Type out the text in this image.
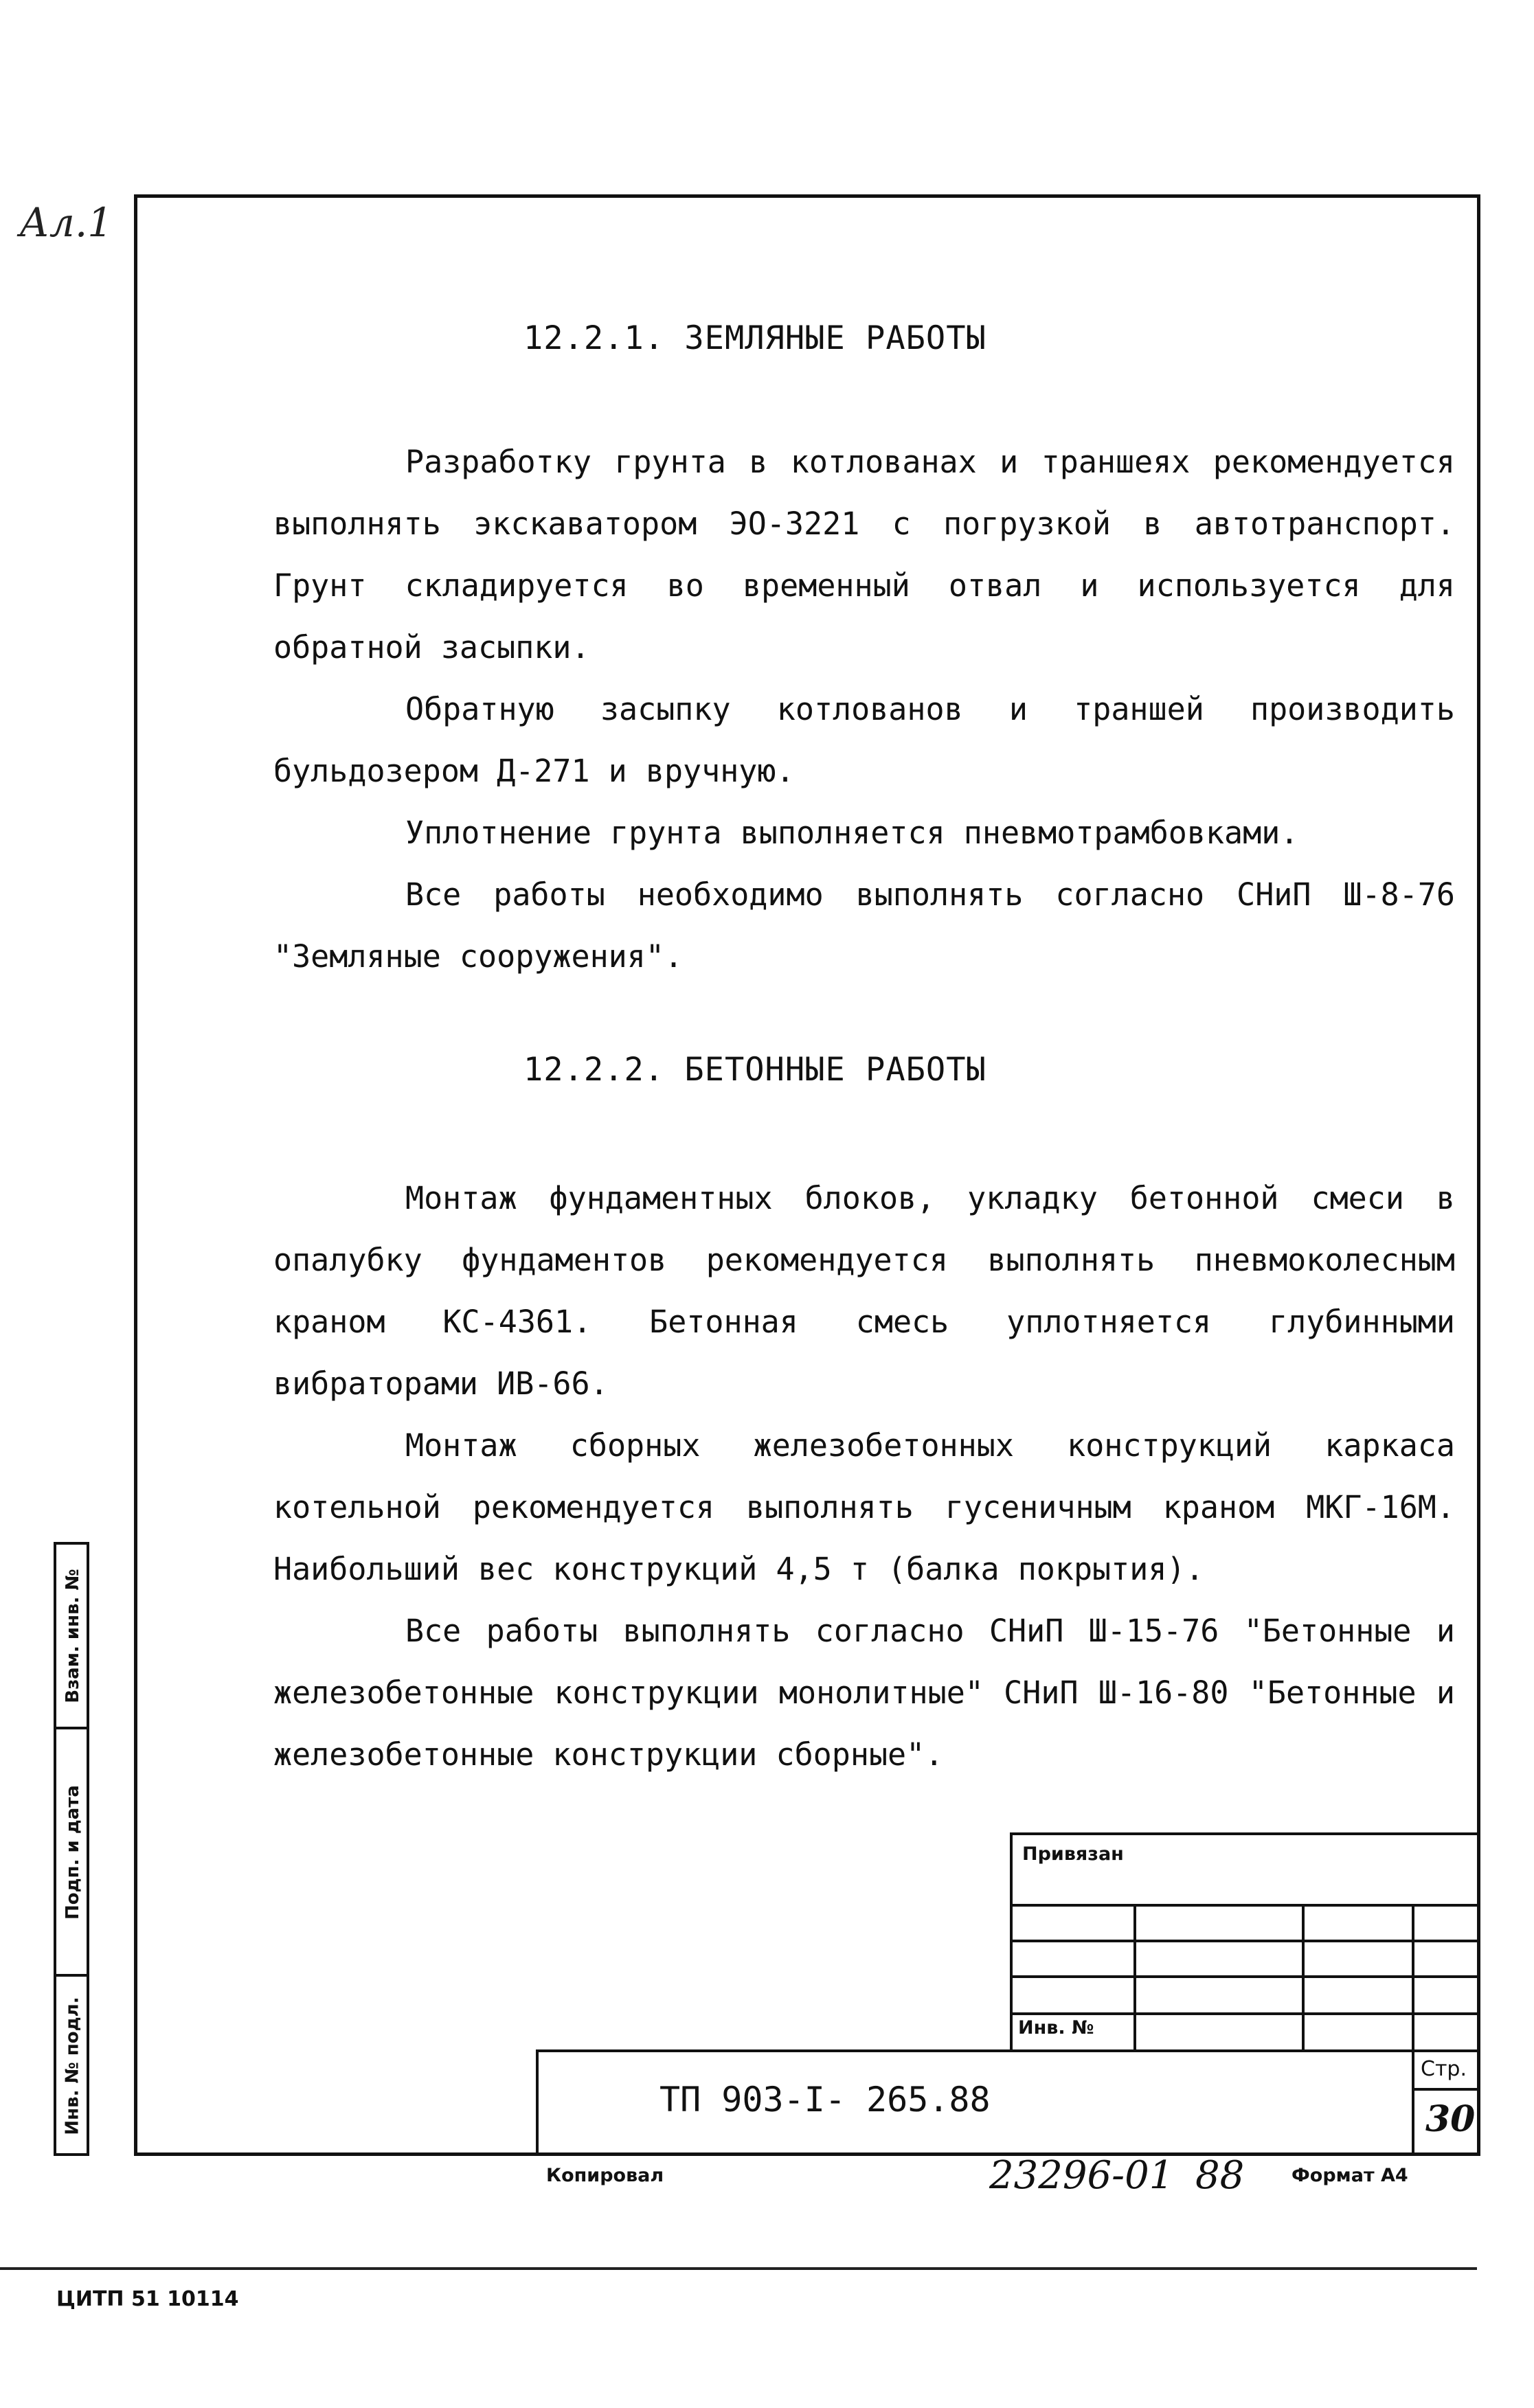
Ал.1
12.2.1. ЗЕМЛЯНЫЕ РАБОТЫ

Разработку грунта в котлованах и траншеях рекомендуется выполнять экскаватором ЭО-3221 с погрузкой в автотранспорт. Грунт складируется во временный отвал и используется для обратной засыпки.

Обратную засыпку котлованов и траншей производить бульдозером Д-271 и вручную.

Уплотнение грунта выполняется пневмотрамбовками.

Все работы необходимо выполнять согласно СНиП Ш-8-76 "Земляные сооружения".

12.2.2. БЕТОННЫЕ РАБОТЫ

Монтаж фундаментных блоков, укладку бетонной смеси в опалубку фундаментов рекомендуется выполнять пневмоколесным краном КС-4361. Бетонная смесь уплотняется глубинными вибраторами ИВ-66.

Монтаж сборных железобетонных конструкций каркаса котельной рекомендуется выполнять гусеничным краном МКГ-16М. Наибольший вес конструкций 4,5 т (балка покрытия).

Все работы выполнять согласно СНиП Ш-15-76 "Бетонные и железобетонные конструкции монолитные" СНиП Ш-16-80 "Бетонные и железобетонные конструкции сборные".

Взам. инв. №
Подп. и дата
Инв. № подл.
Привязан
Инв. №
ТП 903-I- 265.88
Стр.
30
Копировал	23296-01 88	Формат А4
ЦИТП 51 10114
